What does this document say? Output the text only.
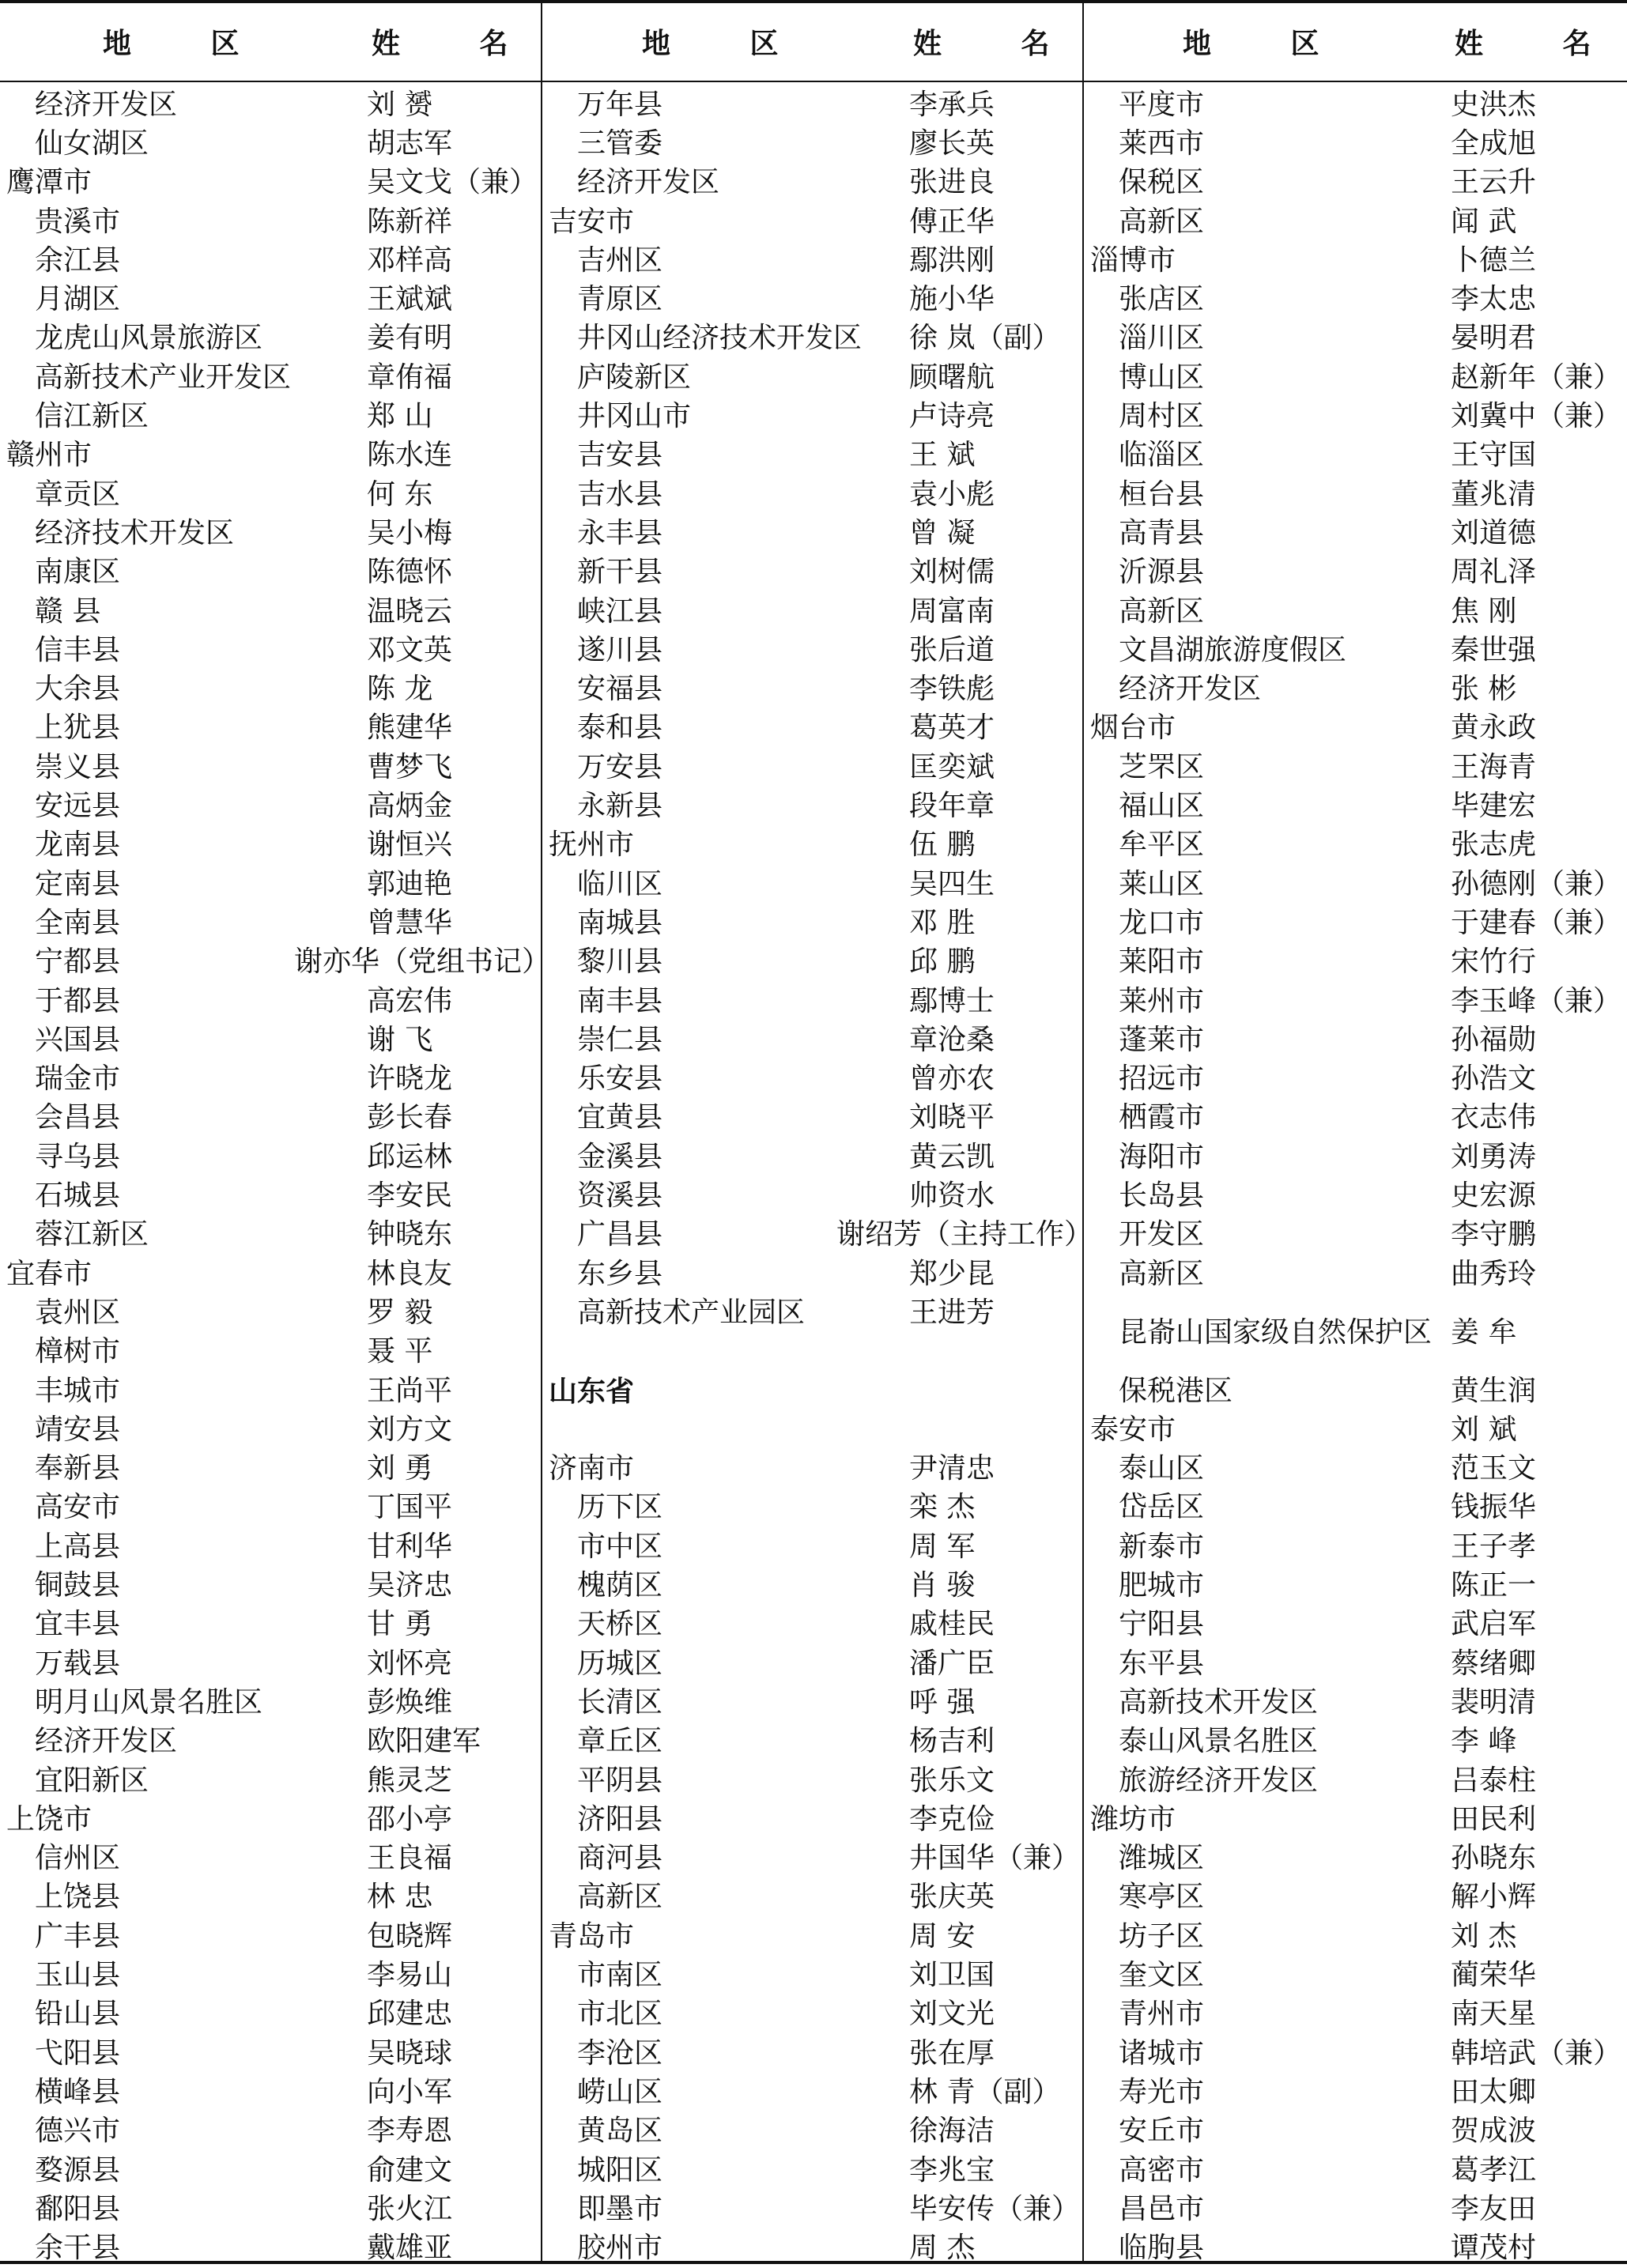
地 区	姓 名	地 区	姓 名	地 区	姓 名
经济开发区	刘 赟
仙女湖区	胡志军
鹰潭市	吴文戈（兼）
贵溪市	陈新祥
余江县	邓样高
月湖区	王斌斌
龙虎山风景旅游区	姜有明
高新技术产业开发区	章侑福
信江新区	郑 山
赣州市	陈水连
章贡区	何 东
经济技术开发区	吴小梅
南康区	陈德怀
赣 县	温晓云
信丰县	邓文英
大余县	陈 龙
上犹县	熊建华
崇义县	曹梦飞
安远县	高炳金
龙南县	谢恒兴
定南县	郭迪艳
全南县	曾慧华
宁都县	谢亦华（党组书记）
于都县	高宏伟
兴国县	谢 飞
瑞金市	许晓龙
会昌县	彭长春
寻乌县	邱运林
石城县	李安民
蓉江新区	钟晓东
宜春市	林良友
袁州区	罗 毅
樟树市	聂 平
丰城市	王尚平
靖安县	刘方文
奉新县	刘 勇
高安市	丁国平
上高县	甘利华
铜鼓县	吴济忠
宜丰县	甘 勇
万载县	刘怀亮
明月山风景名胜区	彭焕维
经济开发区	欧阳建军
宜阳新区	熊灵芝
上饶市	邵小亭
信州区	王良福
上饶县	林 忠
广丰县	包晓辉
玉山县	李易山
铅山县	邱建忠
弋阳县	吴晓球
横峰县	向小军
德兴市	李寿恩
婺源县	俞建文
鄱阳县	张火江
余干县	戴雄亚
万年县	李承兵
三管委	廖长英
经济开发区	张进良
吉安市	傅正华
吉州区	鄢洪刚
青原区	施小华
井冈山经济技术开发区 徐 岚（副）
庐陵新区	顾曙航
井冈山市	卢诗亮
吉安县	王 斌
吉水县	袁小彪
永丰县	曾 凝
新干县	刘树儒
峡江县	周富南
遂川县	张后道
安福县	李铁彪
泰和县	葛英才
万安县	匡奕斌
永新县	段年章
抚州市	伍 鹏
临川区	吴四生
南城县	邓 胜
黎川县	邱 鹏
南丰县	鄢博士
崇仁县	章沧桑
乐安县	曾亦农
宜黄县	刘晓平
金溪县	黄云凯
资溪县	帅资水
广昌县	谢绍芳（主持工作）
东乡县	郑少昆
高新技术产业园区	王进芳
山东省
济南市	尹清忠
历下区	栾 杰
市中区	周 军
槐荫区	肖 骏
天桥区	戚桂民
历城区	潘广臣
长清区	呼 强
章丘区	杨吉利
平阴县	张乐文
济阳县	李克俭
商河县	井国华（兼）
高新区	张庆英
青岛市	周 安
市南区	刘卫国
市北区	刘文光
李沧区	张在厚
崂山区	林 青（副）
黄岛区	徐海洁
城阳区	李兆宝
即墨市	毕安传（兼）
胶州市	周 杰
平度市	史洪杰
莱西市	全成旭
保税区	王云升
高新区	闻 武
淄博市	卜德兰
张店区	李太忠
淄川区	晏明君
博山区	赵新年（兼）
周村区	刘冀中（兼）
临淄区	王守国
桓台县	董兆清
高青县	刘道德
沂源县	周礼泽
高新区	焦 刚
文昌湖旅游度假区	秦世强
经济开发区	张 彬
烟台市	黄永政
芝罘区	王海青
福山区	毕建宏
牟平区	张志虎
莱山区	孙德刚（兼）
龙口市	于建春（兼）
莱阳市	宋竹行
莱州市	李玉峰（兼）
蓬莱市	孙福勋
招远市	孙浩文
栖霞市	衣志伟
海阳市	刘勇涛
长岛县	史宏源
开发区	李守鹏
高新区	曲秀玲
昆嵛山国家级自然保护区 姜 牟
保税港区	黄生润
泰安市	刘 斌
泰山区	范玉文
岱岳区	钱振华
新泰市	王子孝
肥城市	陈正一
宁阳县	武启军
东平县	蔡绪卿
高新技术开发区	裴明清
泰山风景名胜区	李 峰
旅游经济开发区	吕泰柱
潍坊市	田民利
潍城区	孙晓东
寒亭区	解小辉
坊子区	刘 杰
奎文区	蔺荣华
青州市	南天星
诸城市	韩培武（兼）
寿光市	田太卿
安丘市	贺成波
高密市	葛孝江
昌邑市	李友田
临朐县	谭茂村
